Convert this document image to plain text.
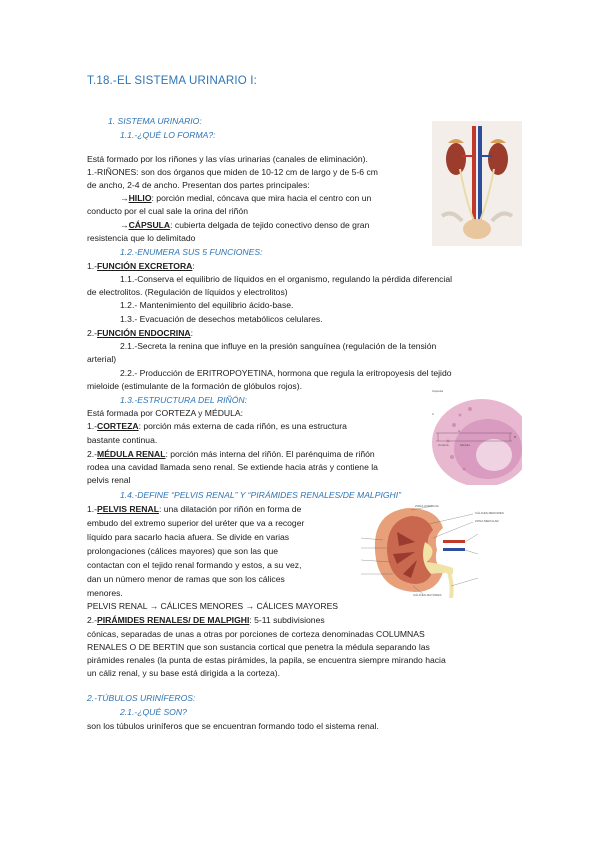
T.18.-EL SISTEMA URINARIO I:
1. SISTEMA URINARIO:
1.1.-¿QUÉ LO FORMA?:
Está formado por los riñones y las vías urinarias (canales de eliminación).
1.-RIÑONES: son dos órganos que miden de 10-12 cm de largo y de 5-6 cm
de ancho, 2-4 de ancho. Presentan dos partes principales:
→HILIO: porción medial, cóncava que mira hacia el centro con un
conducto por el cual sale la orina del riñón
→CÁPSULA: cubierta delgada de tejido conectivo denso de gran
resistencia que lo delimitado
1.2.-ENUMERA SUS 5 FUNCIONES:
1.-FUNCIÓN EXCRETORA:
1.1.-Conserva el equilibrio de líquidos en el organismo, regulando la pérdida diferencial
de electrolitos. (Regulación de líquidos y electrolitos)
1.2.- Mantenimiento del equilibrio ácido-base.
1.3.- Evacuación de desechos metabólicos celulares.
2.-FUNCIÓN ENDOCRINA:
2.1.-Secreta la renina que influye en la presión sanguínea (regulación de la tensión
arterial)
2.2.- Producción de ERITROPOYETINA, hormona que regula la eritropoyesis del tejido
mieloide (estimulante de la formación de glóbulos rojos).
1.3.-ESTRUCTURA DEL RIÑÓN:
Está formada por CORTEZA y MÉDULA:
1.-CORTEZA: porción más externa de cada riñón, es una estructura
bastante continua.
2.-MÉDULA RENAL: porción más interna del riñón. El parénquima de riñón
rodea una cavidad llamada seno renal. Se extiende hacia atrás y contiene la
pelvis renal
1.4.-DEFINE “PELVIS RENAL” Y “PIRÁMIDES RENALES/DE MALPIGHI”
1.-PELVIS RENAL: una dilatación por riñón en forma de
embudo del extremo superior del uréter que va a recoger
líquido para sacarlo hacia afuera. Se divide en varias
prolongaciones (cálices mayores) que son las que
contactan con el tejido renal formando y estos, a su vez,
dan un número menor de ramas que son los cálices
menores.
PELVIS RENAL → CÁLICES MENORES → CÁLICES MAYORES
2.-PIRÁMIDES RENALES/ DE MALPIGHI: 5-11 subdivisiones
cónicas, separadas de unas a otras por porciones de corteza denominadas COLUMNAS
RENALES O DE BERTIN que son sustancia cortical que penetra la médula separando las
pirámides renales (la punta de estas pirámides, la papila, se encuentra siempre mirando hacia
un cáliz renal, y su base está dirigida a la corteza).
2.-TÚBULOS URINÍFEROS:
2.1.-¿QUÉ SON?
son los túbulos uriníferos que se encuentran formando todo el sistema renal.
Cápsula
Corteza	Médula
A
B
C
ZONA CORTICAL
CÁLICES MENORES
ZONA MEDULAR
CÁLICES MAYORES
